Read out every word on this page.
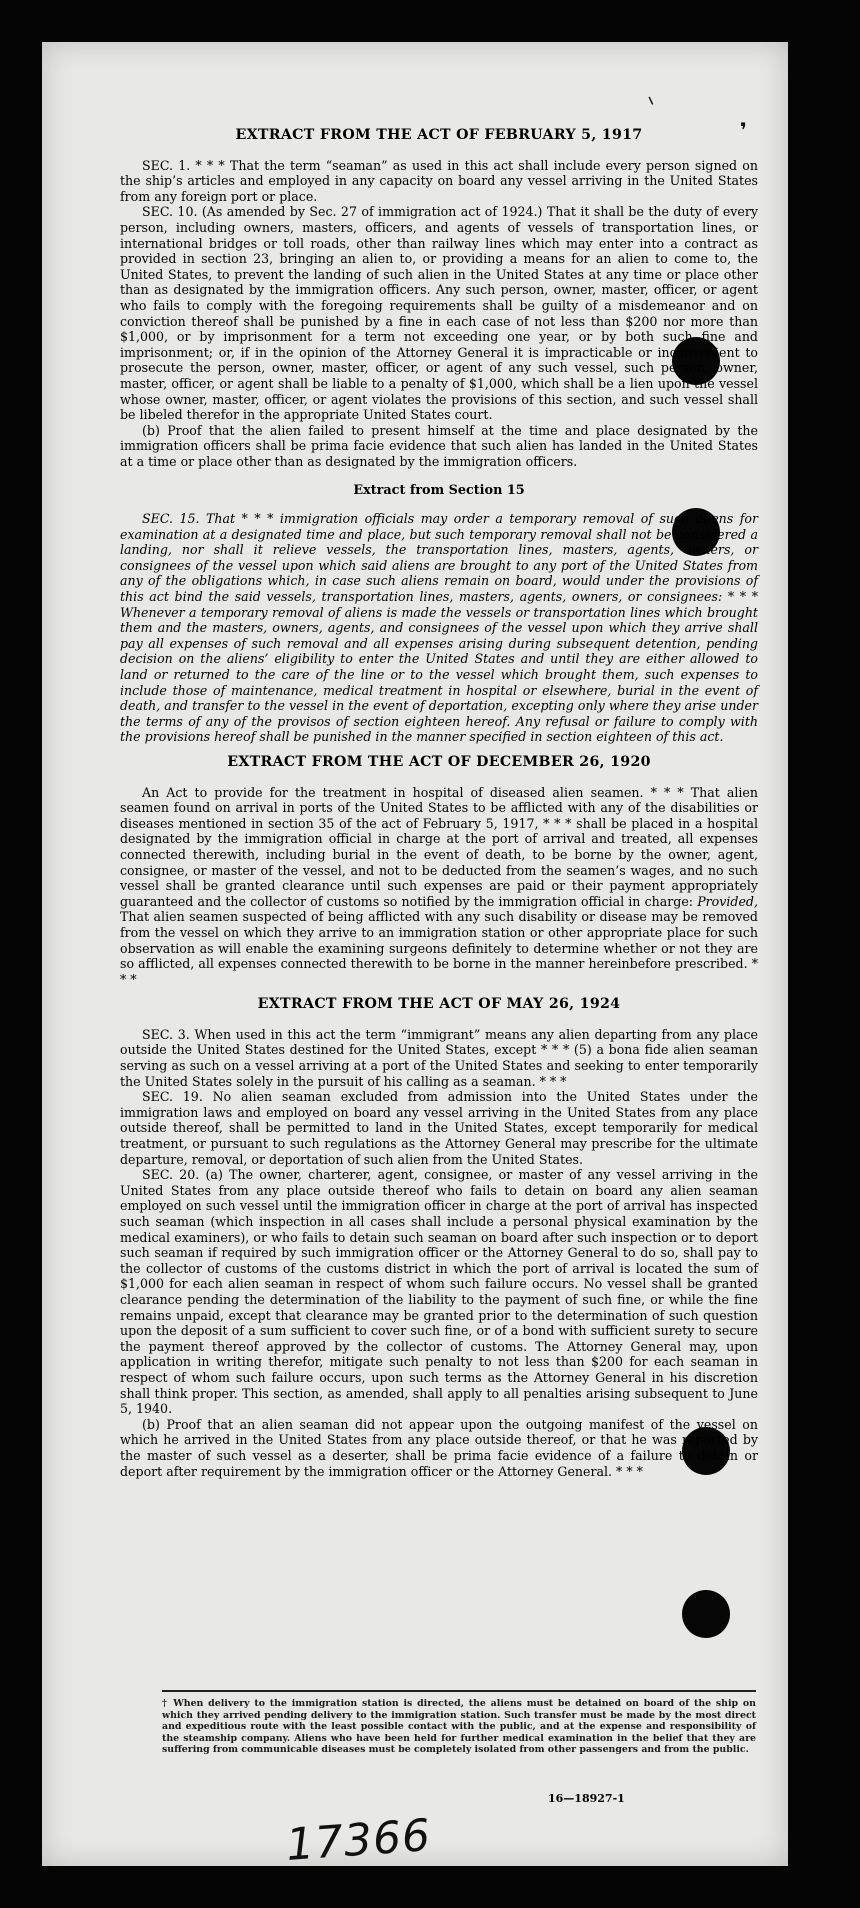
⸌
❜
EXTRACT FROM THE ACT OF FEBRUARY 5, 1917

SEC. 1. * * * That the term “seaman” as used in this act shall include every person signed on the ship’s articles and employed in any capacity on board any vessel arriving in the United States from any foreign port or place.

SEC. 10. (As amended by Sec. 27 of immigration act of 1924.) That it shall be the duty of every person, including owners, masters, officers, and agents of vessels of transportation lines, or international bridges or toll roads, other than railway lines which may enter into a contract as provided in section 23, bringing an alien to, or providing a means for an alien to come to, the United States, to prevent the landing of such alien in the United States at any time or place other than as designated by the immigration officers. Any such person, owner, master, officer, or agent who fails to comply with the foregoing requirements shall be guilty of a misdemeanor and on conviction thereof shall be punished by a fine in each case of not less than $200 nor more than $1,000, or by imprisonment for a term not exceeding one year, or by both such fine and imprisonment; or, if in the opinion of the Attorney General it is impracticable or inconvenient to prosecute the person, owner, master, officer, or agent of any such vessel, such person, owner, master, officer, or agent shall be liable to a penalty of $1,000, which shall be a lien upon the vessel whose owner, master, officer, or agent violates the provisions of this section, and such vessel shall be libeled therefor in the appropriate United States court.

(b) Proof that the alien failed to present himself at the time and place designated by the immigration officers shall be prima facie evidence that such alien has landed in the United States at a time or place other than as designated by the immigration officers.

Extract from Section 15

SEC. 15. That * * * immigration officials may order a temporary removal of such aliens for examination at a designated time and place, but such temporary removal shall not be considered a landing, nor shall it relieve vessels, the transportation lines, masters, agents, owners, or consignees of the vessel upon which said aliens are brought to any port of the United States from any of the obligations which, in case such aliens remain on board, would under the provisions of this act bind the said vessels, transportation lines, masters, agents, owners, or consignees: * * * Whenever a temporary removal of aliens is made the vessels or transportation lines which brought them and the masters, owners, agents, and consignees of the vessel upon which they arrive shall pay all expenses of such removal and all expenses arising during subsequent detention, pending decision on the aliens’ eligibility to enter the United States and until they are either allowed to land or returned to the care of the line or to the vessel which brought them, such expenses to include those of maintenance, medical treatment in hospital or elsewhere, burial in the event of death, and transfer to the vessel in the event of deportation, excepting only where they arise under the terms of any of the provisos of section eighteen hereof. Any refusal or failure to comply with the provisions hereof shall be punished in the manner specified in section eighteen of this act.

EXTRACT FROM THE ACT OF DECEMBER 26, 1920

An Act to provide for the treatment in hospital of diseased alien seamen. * * * That alien seamen found on arrival in ports of the United States to be afflicted with any of the disabilities or diseases mentioned in section 35 of the act of February 5, 1917, * * * shall be placed in a hospital designated by the immigration official in charge at the port of arrival and treated, all expenses connected therewith, including burial in the event of death, to be borne by the owner, agent, consignee, or master of the vessel, and not to be deducted from the seamen’s wages, and no such vessel shall be granted clearance until such expenses are paid or their payment appropriately guaranteed and the collector of customs so notified by the immigration official in charge: Provided, That alien seamen suspected of being afflicted with any such disability or disease may be removed from the vessel on which they arrive to an immigration station or other appropriate place for such observation as will enable the examining surgeons definitely to determine whether or not they are so afflicted, all expenses connected therewith to be borne in the manner hereinbefore prescribed. * * *

EXTRACT FROM THE ACT OF MAY 26, 1924

SEC. 3. When used in this act the term “immigrant” means any alien departing from any place outside the United States destined for the United States, except * * * (5) a bona fide alien seaman serving as such on a vessel arriving at a port of the United States and seeking to enter temporarily the United States solely in the pursuit of his calling as a seaman. * * *

SEC. 19. No alien seaman excluded from admission into the United States under the immigration laws and employed on board any vessel arriving in the United States from any place outside thereof, shall be permitted to land in the United States, except temporarily for medical treatment, or pursuant to such regulations as the Attorney General may prescribe for the ultimate departure, removal, or deportation of such alien from the United States.

SEC. 20. (a) The owner, charterer, agent, consignee, or master of any vessel arriving in the United States from any place outside thereof who fails to detain on board any alien seaman employed on such vessel until the immigration officer in charge at the port of arrival has inspected such seaman (which inspection in all cases shall include a personal physical examination by the medical examiners), or who fails to detain such seaman on board after such inspection or to deport such seaman if required by such immigration officer or the Attorney General to do so, shall pay to the collector of customs of the customs district in which the port of arrival is located the sum of $1,000 for each alien seaman in respect of whom such failure occurs. No vessel shall be granted clearance pending the determination of the liability to the payment of such fine, or while the fine remains unpaid, except that clearance may be granted prior to the determination of such question upon the deposit of a sum sufficient to cover such fine, or of a bond with sufficient surety to secure the payment thereof approved by the collector of customs. The Attorney General may, upon application in writing therefor, mitigate such penalty to not less than $200 for each seaman in respect of whom such failure occurs, upon such terms as the Attorney General in his discretion shall think proper. This section, as amended, shall apply to all penalties arising subsequent to June 5, 1940.

(b) Proof that an alien seaman did not appear upon the outgoing manifest of the vessel on which he arrived in the United States from any place outside thereof, or that he was reported by the master of such vessel as a deserter, shall be prima facie evidence of a failure to detain or deport after requirement by the immigration officer or the Attorney General. * * *

† When delivery to the immigration station is directed, the aliens must be detained on board of the ship on which they arrived pending delivery to the immigration station. Such transfer must be made by the most direct and expeditious route with the least possible contact with the public, and at the expense and responsibility of the steamship company. Aliens who have been held for further medical examination in the belief that they are suffering from communicable diseases must be completely isolated from other passengers and from the public.
16—18927-1
17366
